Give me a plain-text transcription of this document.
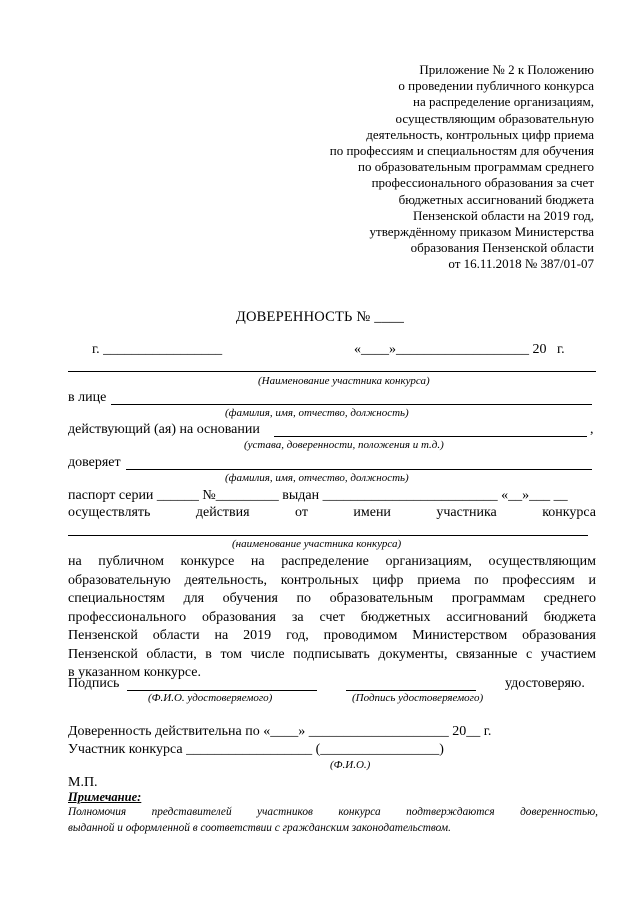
Приложение № 2 к Положению
о проведении публичного конкурса
на распределение организациям,
осуществляющим образовательную
деятельность, контрольных цифр приема
по профессиям и специальностям для обучения
по образовательным программам среднего
профессионального образования за счет
бюджетных ассигнований бюджета
Пензенской области на 2019 год,
утверждённому приказом Министерства
образования Пензенской области
от 16.11.2018 № 387/01-07
ДОВЕРЕННОСТЬ № ____
г. _________________	«____»___________________ 20   г.
(Наименование участника конкурса)
в лице
(фамилия, имя, отчество, должность)
действующий (ая) на основании	,
(устава, доверенности, положения и т.д.)
доверяет
(фамилия, имя, отчество, должность)
паспорт серии ______ №_________ выдан _________________________ «__»___ __
осуществлять	действия	от	имени	участника	конкурса
(наименование участника конкурса)
на публичном конкурсе на распределение организациям, осуществляющим
образовательную деятельность, контрольных цифр приема по профессиям и
специальностям для обучения по образовательным программам среднего
профессионального образования за счет бюджетных ассигнований бюджета
Пензенской области на 2019 год, проводимом Министерством образования
Пензенской области, в том числе подписывать документы, связанные с участием
в указанном конкурсе.
Подпись	удостоверяю.
(Ф.И.О. удостоверяемого)	(Подпись удостоверяемого)
Доверенность действительна по «____» ____________________ 20__ г.
Участник конкурса __________________ (_________________)
(Ф.И.О.)
М.П.
Примечание:
Полномочия представителей участников конкурса подтверждаются доверенностью,
выданной и оформленной в соответствии с гражданским законодательством.
